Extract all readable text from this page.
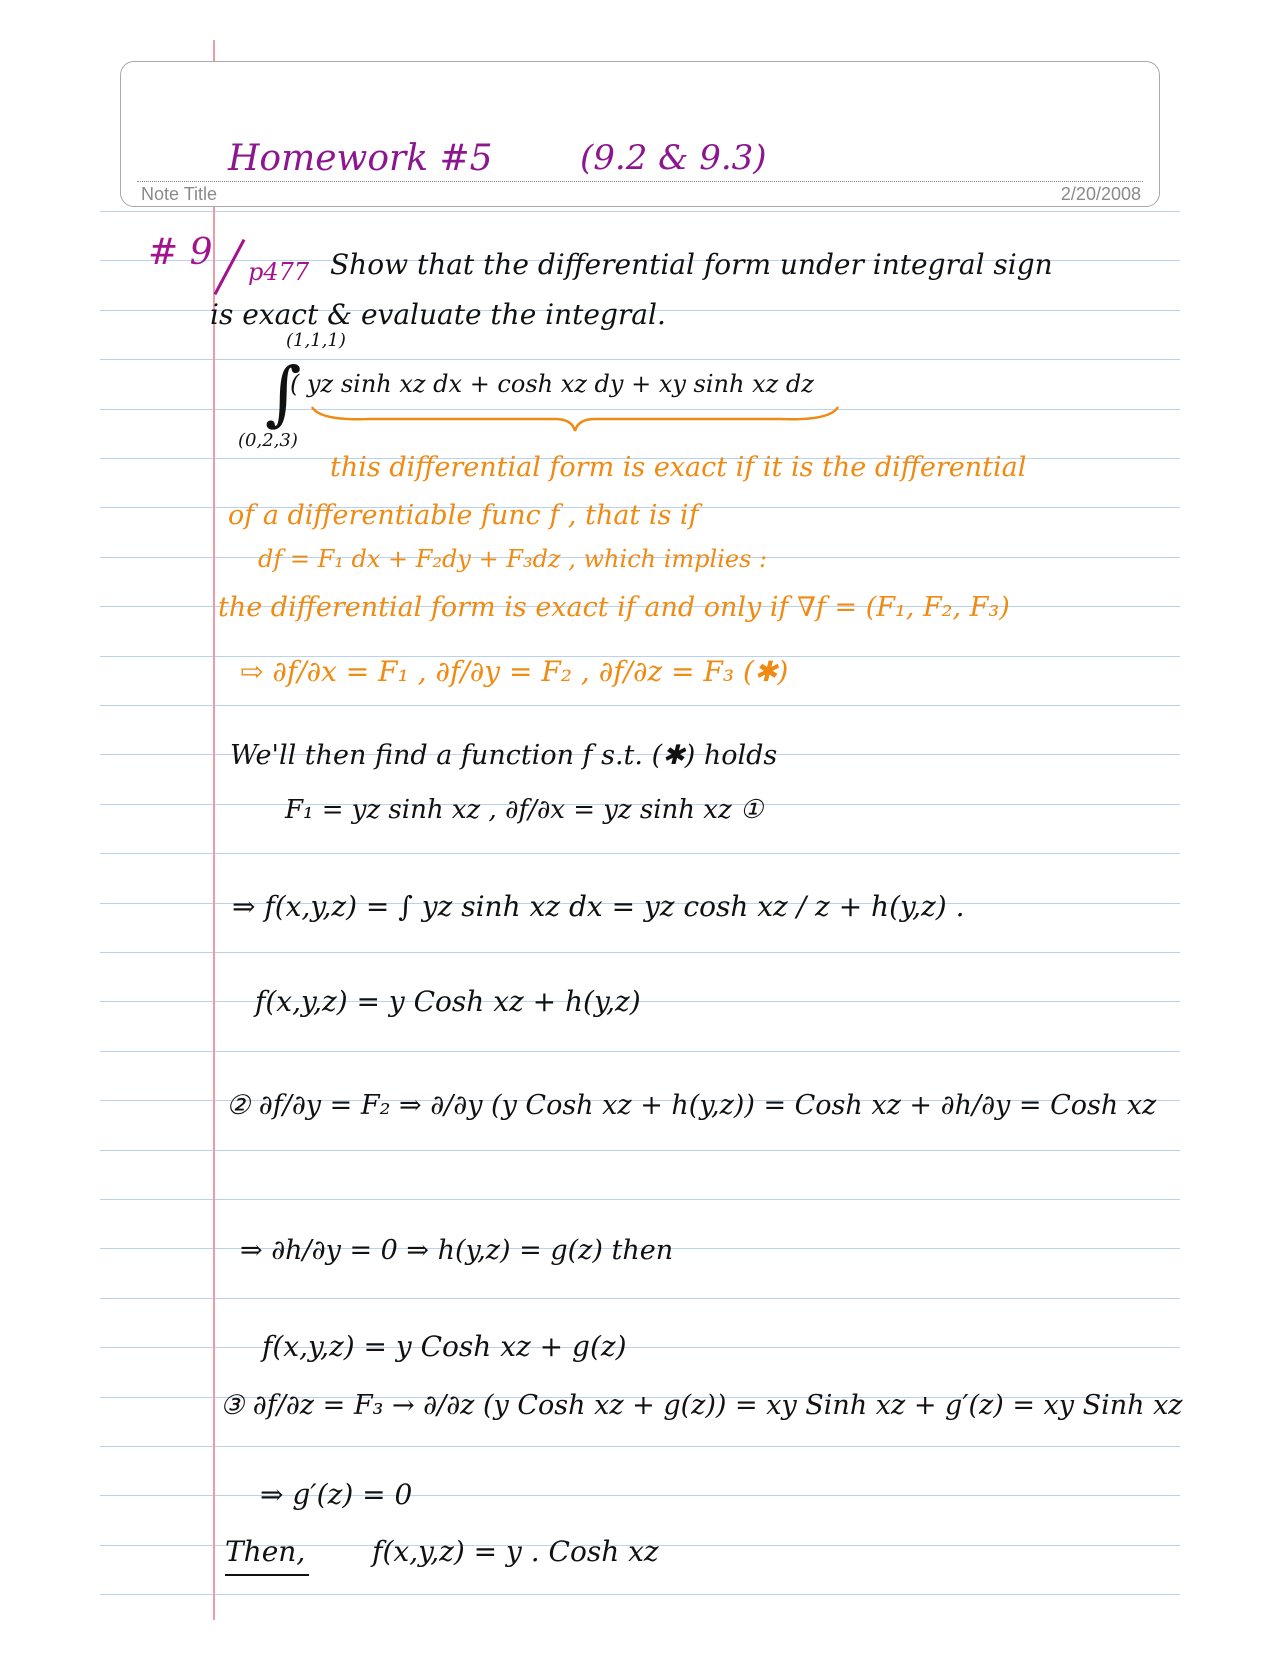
Note Title	2/20/2008
Homework #5	(9.2 & 9.3)
# 9 p477 Show that the differential form under integral sign
is exact & evaluate the integral.
(1,1,1)
∫
( yz sinh xz dx + cosh xz dy + xy sinh xz dz
(0,2,3)
this differential form is exact if it is the differential
of a differentiable func f , that is if
df = F₁ dx + F₂dy + F₃dz , which implies :
the differential form is exact if and only if ∇f = (F₁, F₂, F₃)
⇨ ∂f/∂x = F₁ , ∂f/∂y = F₂ , ∂f/∂z = F₃ (✱)
We'll then find a function f s.t. (✱) holds
F₁ = yz sinh xz , ∂f/∂x = yz sinh xz ①
⇒ f(x,y,z) = ∫ yz sinh xz dx = yz cosh xz / z + h(y,z) .
f(x,y,z) = y Cosh xz + h(y,z)
② ∂f/∂y = F₂ ⇒ ∂/∂y (y Cosh xz + h(y,z)) = Cosh xz + ∂h/∂y = Cosh xz
⇒ ∂h/∂y = 0 ⇒ h(y,z) = g(z) then
f(x,y,z) = y Cosh xz + g(z)
③ ∂f/∂z = F₃ → ∂/∂z (y Cosh xz + g(z)) = xy Sinh xz + g′(z) = xy Sinh xz
⇒ g′(z) = 0
Then, f(x,y,z) = y . Cosh xz
